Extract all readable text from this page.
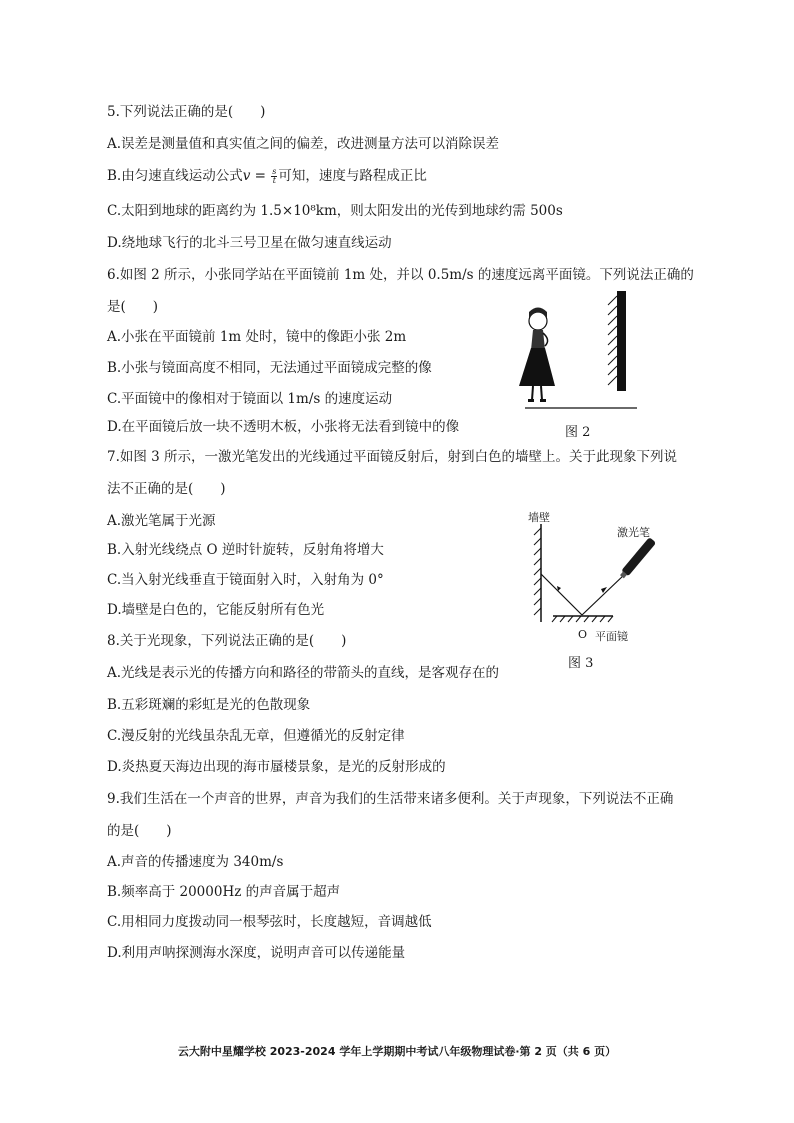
5.下列说法正确的是(　　)
A.误差是测量值和真实值之间的偏差，改进测量方法可以消除误差
B.由匀速直线运动公式$v = \frac{s}{t}$ 可知，速度与路程成正比
C.太阳到地球的距离约为 1.5×10⁸km，则太阳发出的光传到地球约需 500s
D.绕地球飞行的北斗三号卫星在做匀速直线运动
6.如图 2 所示，小张同学站在平面镜前 1m 处，并以 0.5m/s 的速度远离平面镜。下列说法正确的
是(　　)
A.小张在平面镜前 1m 处时，镜中的像距小张 2m
B.小张与镜面高度不相同，无法通过平面镜成完整的像
C.平面镜中的像相对于镜面以 1m/s 的速度运动
D.在平面镜后放一块不透明木板，小张将无法看到镜中的像	图 2
7.如图 3 所示，一激光笔发出的光线通过平面镜反射后，射到白色的墙壁上。关于此现象下列说
法不正确的是(　　)
A.激光笔属于光源
B.入射光线绕点 O 逆时针旋转，反射角将增大
C.当入射光线垂直于镜面射入时，入射角为 0°
D.墙壁是白色的，它能反射所有色光
墙壁
激光笔
O 平面镜
图 3
8.关于光现象，下列说法正确的是(　　)
A.光线是表示光的传播方向和路径的带箭头的直线，是客观存在的
B.五彩斑斓的彩虹是光的色散现象
C.漫反射的光线虽杂乱无章，但遵循光的反射定律
D.炎热夏天海边出现的海市蜃楼景象，是光的反射形成的
9.我们生活在一个声音的世界，声音为我们的生活带来诸多便利。关于声现象，下列说法不正确
的是(　　)
A.声音的传播速度为 340m/s
B.频率高于 20000Hz 的声音属于超声
C.用相同力度拨动同一根琴弦时，长度越短，音调越低
D.利用声呐探测海水深度，说明声音可以传递能量
云大附中星耀学校 2023-2024 学年上学期期中考试八年级物理试卷·第 2 页（共 6 页）
